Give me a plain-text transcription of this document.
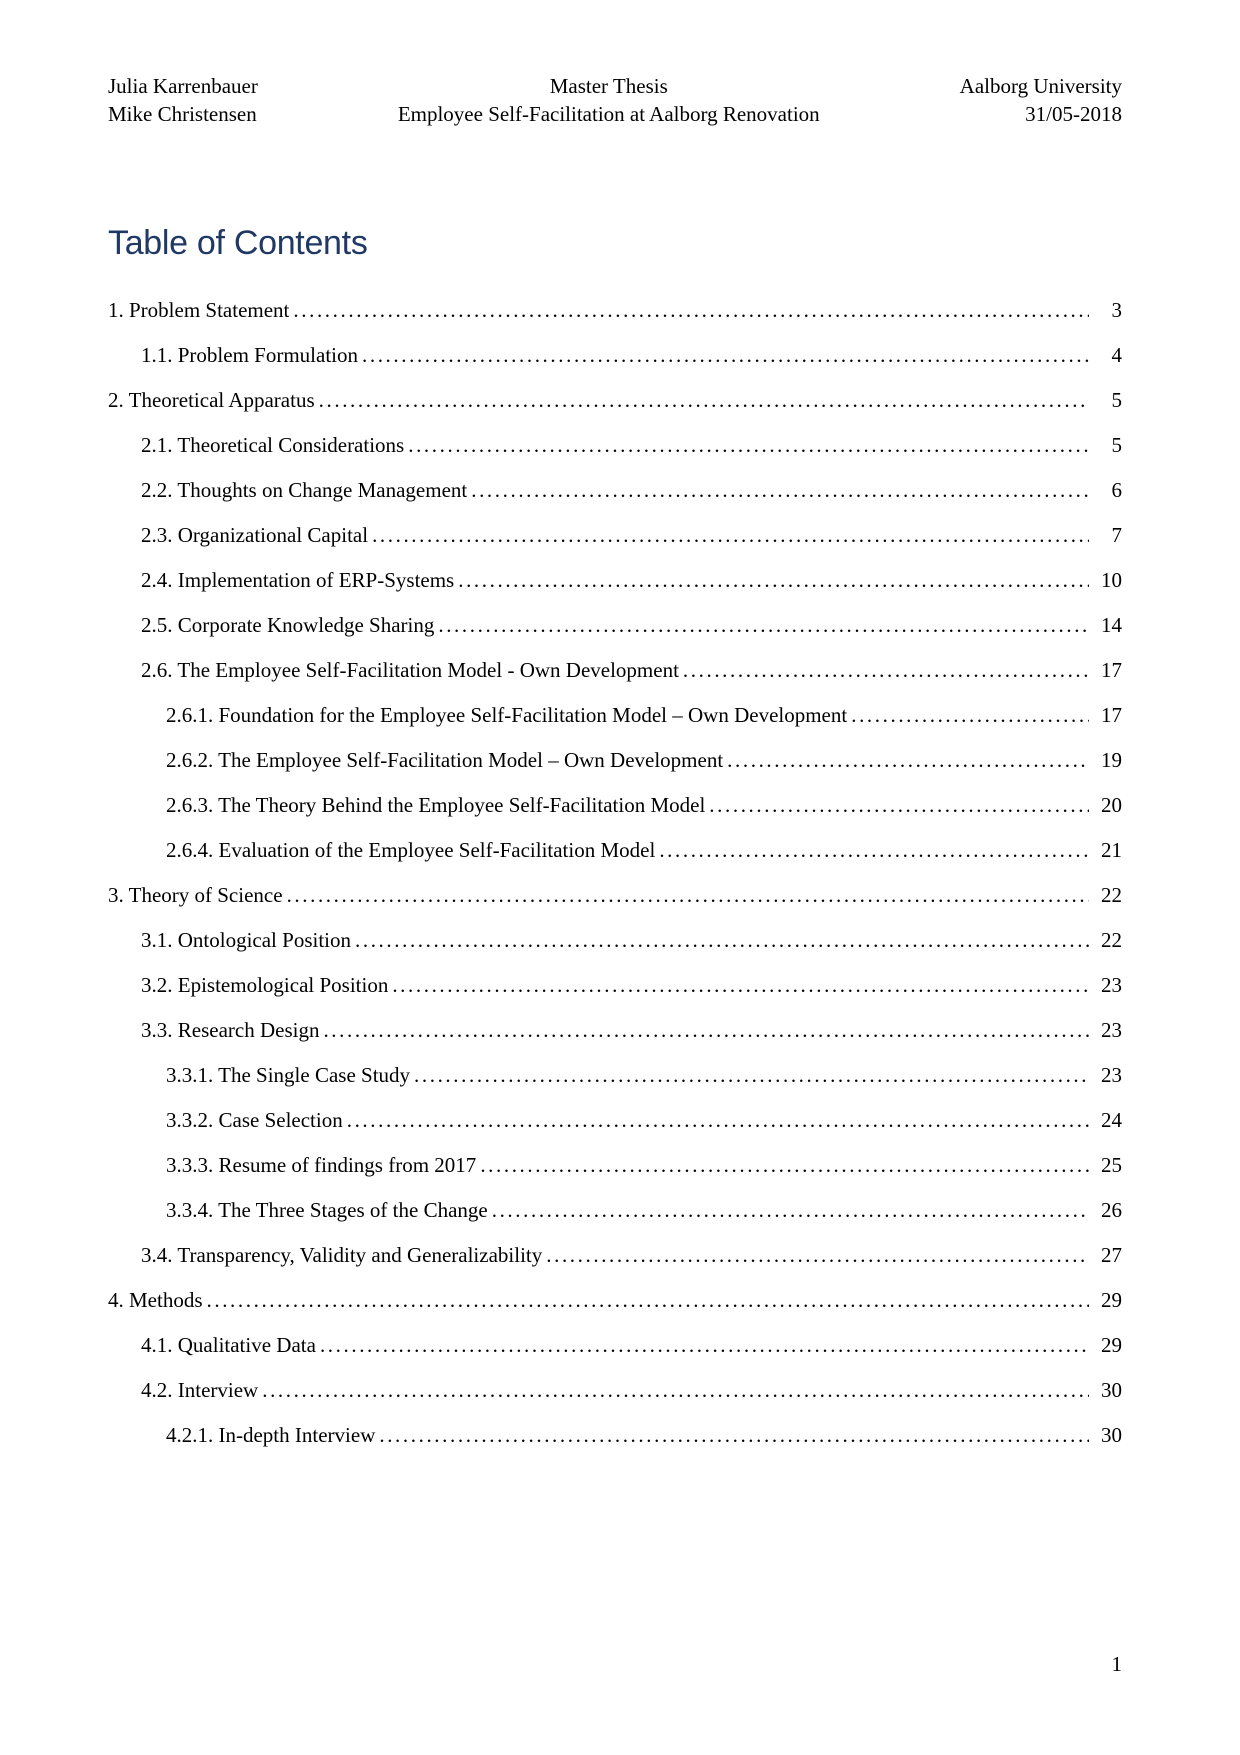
Julia Karrenbauer
Mike Christensen
Master Thesis
Employee Self-Facilitation at Aalborg Renovation
Aalborg University
31/05-2018
Table of Contents
1. Problem Statement .....	3
1.1. Problem Formulation .....	4
2. Theoretical Apparatus .....	5
2.1. Theoretical Considerations .....	5
2.2. Thoughts on Change Management .....	6
2.3. Organizational Capital .....	7
2.4. Implementation of ERP-Systems .....	10
2.5. Corporate Knowledge Sharing .....	14
2.6. The Employee Self-Facilitation Model - Own Development .....	17
2.6.1. Foundation for the Employee Self-Facilitation Model – Own Development .....	17
2.6.2. The Employee Self-Facilitation Model – Own Development .....	19
2.6.3. The Theory Behind the Employee Self-Facilitation Model .....	20
2.6.4. Evaluation of the Employee Self-Facilitation Model .....	21
3. Theory of Science .....	22
3.1. Ontological Position .....	22
3.2. Epistemological Position .....	23
3.3. Research Design .....	23
3.3.1. The Single Case Study .....	23
3.3.2. Case Selection .....	24
3.3.3. Resume of findings from 2017 .....	25
3.3.4. The Three Stages of the Change .....	26
3.4. Transparency, Validity and Generalizability .....	27
4. Methods .....	29
4.1. Qualitative Data .....	29
4.2. Interview .....	30
4.2.1. In-depth Interview .....	30
1
